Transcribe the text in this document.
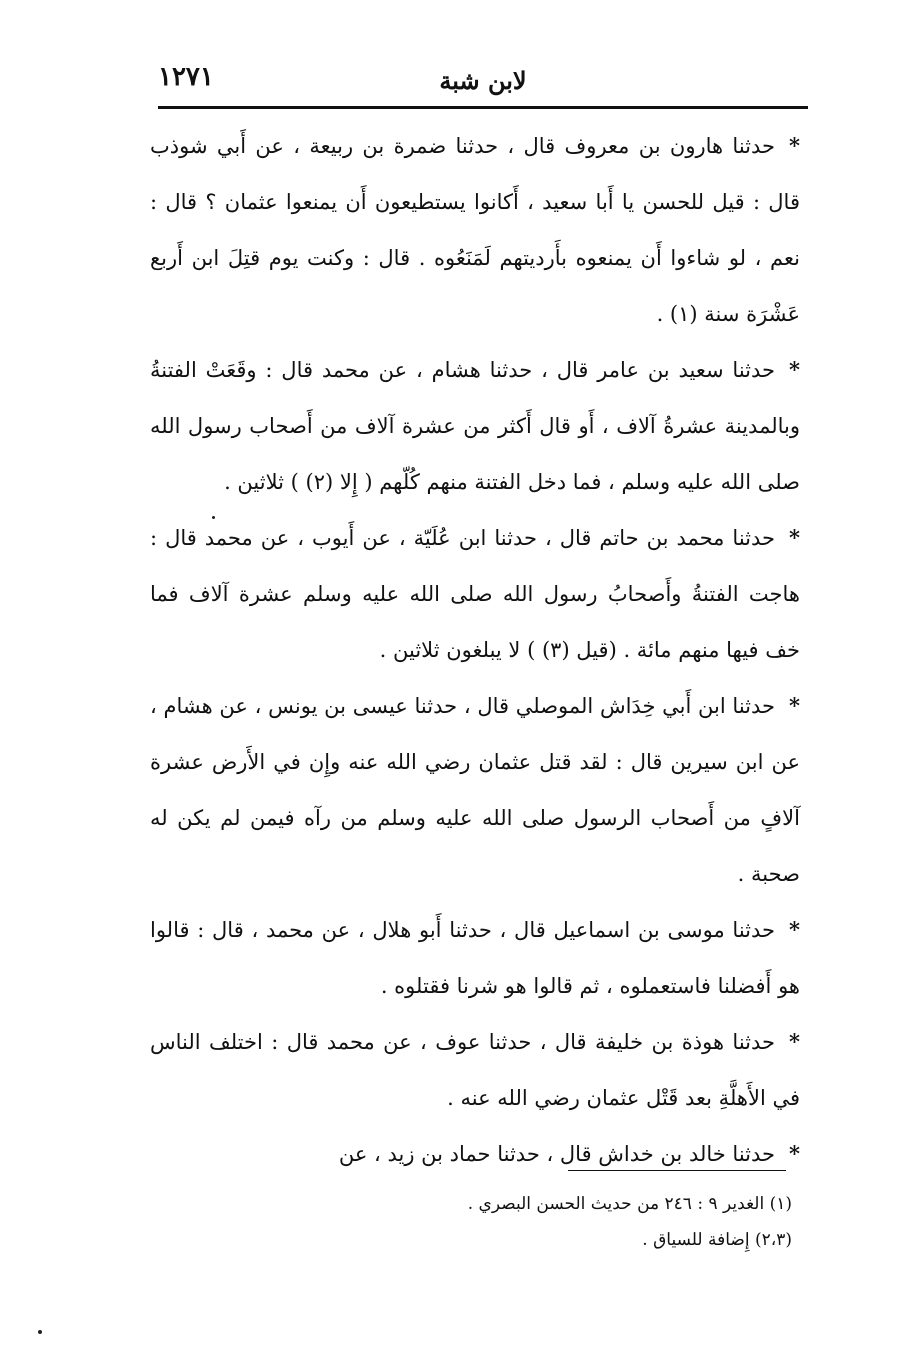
لابن شبة
١٢٧١

*حدثنا هارون بن معروف قال ، حدثنا ضمرة بن ربيعة ، عن أَبي شوذب قال : قيل للحسن يا أَبا سعيد ، أَكانوا يستطيعون أَن يمنعوا عثمان ؟ قال : نعم ، لو شاءوا أَن يمنعوه بأَرديتهم لَمَنَعُوه . قال : وكنت يوم قتِلَ ابن أَربع عَشْرَة سنة (١) .

*حدثنا سعيد بن عامر قال ، حدثنا هشام ، عن محمد قال : وقَعَتْ الفتنةُ وبالمدينة عشرةُ آلاف ، أَو قال أَكثر من عشرة آلاف من أَصحاب رسول الله صلى الله عليه وسلم ، فما دخل الفتنة منهم كُلّهم ( إِلا (٢) ) ثلاثين .

*حدثنا محمد بن حاتم قال ، حدثنا ابن عُلَيّة ، عن أَيوب ، عن محمد قال : هاجت الفتنةُ وأَصحابُ رسول الله صلى الله عليه وسلم عشرة آلاف فما خف فيها منهم مائة . (قيل (٣) ) لا يبلغون ثلاثين .

*حدثنا ابن أَبي خِدَاش الموصلي قال ، حدثنا عيسى بن يونس ، عن هشام ، عن ابن سيرين قال : لقد قتل عثمان رضي الله عنه وإِن في الأَرض عشرة آلافٍ من أَصحاب الرسول صلى الله عليه وسلم من رآه فيمن لم يكن له صحبة .

*حدثنا موسى بن اسماعيل قال ، حدثنا أَبو هلال ، عن محمد ، قال : قالوا هو أَفضلنا فاستعملوه ، ثم قالوا هو شرنا فقتلوه .

*حدثنا هوذة بن خليفة قال ، حدثنا عوف ، عن محمد قال : اختلف الناس في الأَهلَّةِ بعد قَتْل عثمان رضي الله عنه .

*حدثنا خالد بن خداش قال ، حدثنا حماد بن زيد ، عن

(١) الغدير ٩ : ٢٤٦ من حديث الحسن البصري .

(٢،٣) إِضافة للسياق .
